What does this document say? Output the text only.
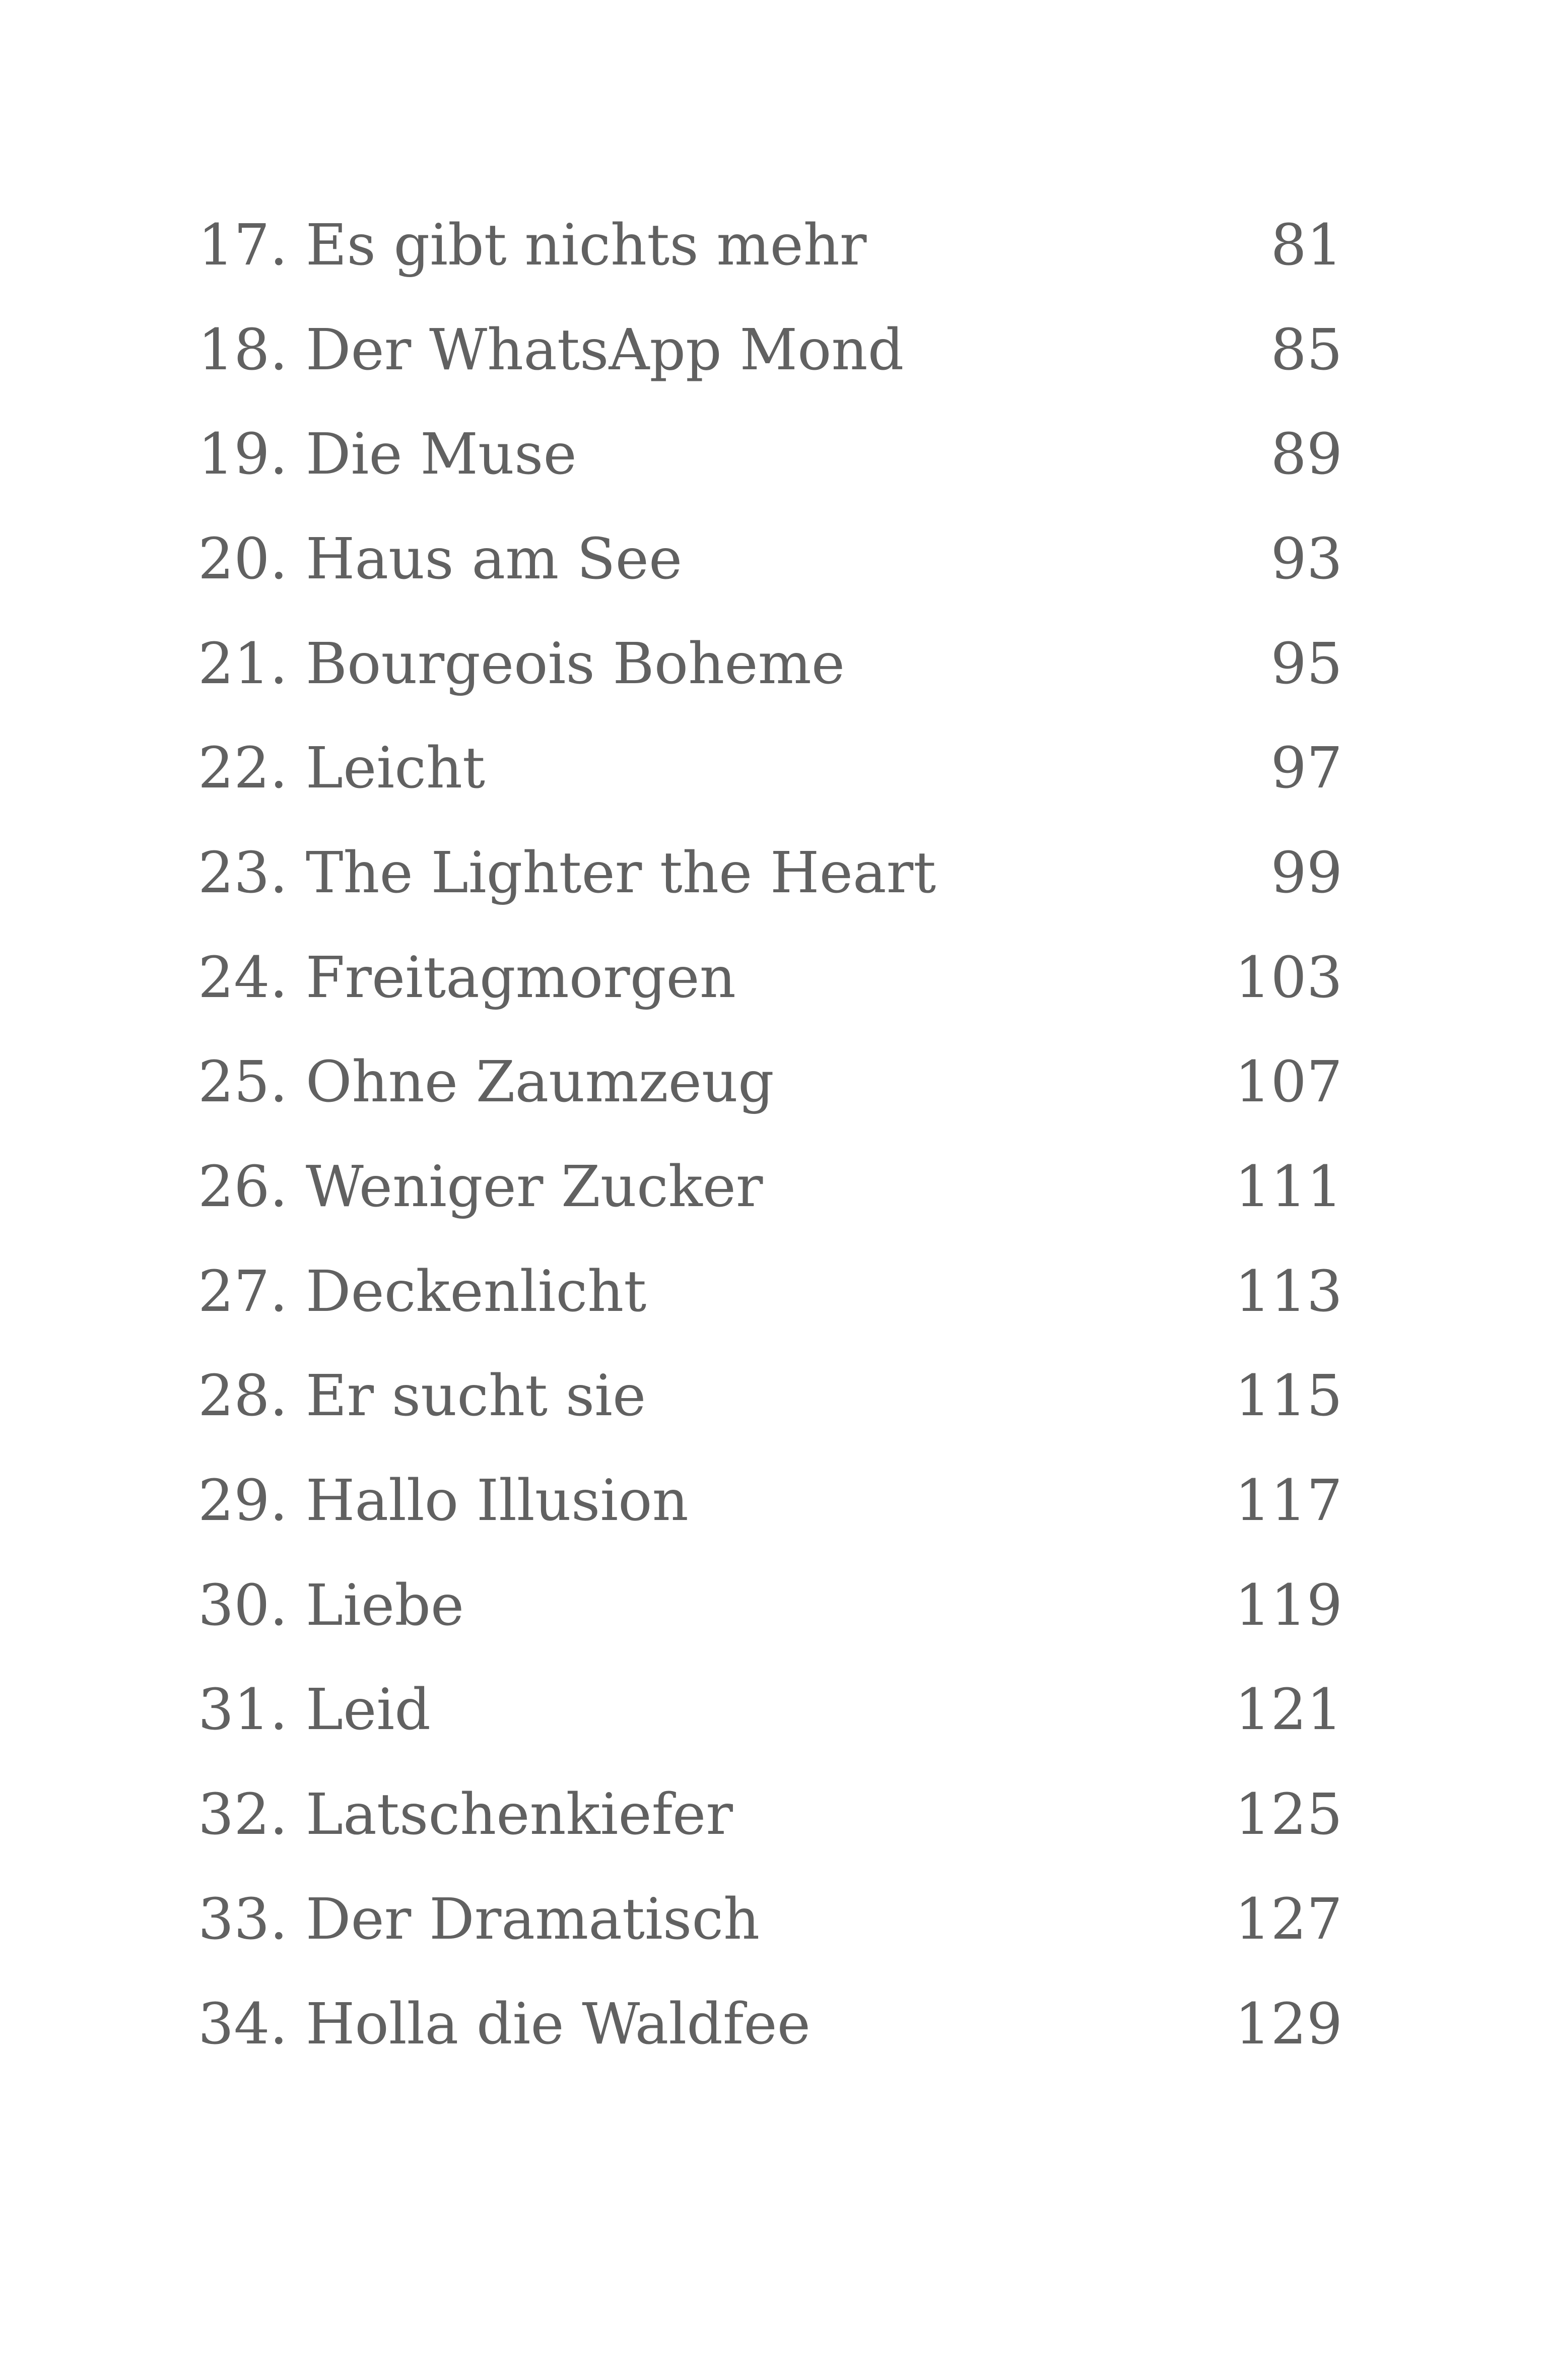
17. Es gibt nichts mehr	81
18. Der WhatsApp Mond	85
19. Die Muse	89
20. Haus am See	93
21. Bourgeois Boheme	95
22. Leicht	97
23. The Lighter the Heart	99
24. Freitagmorgen	103
25. Ohne Zaumzeug	107
26. Weniger Zucker	111
27. Deckenlicht	113
28. Er sucht sie	115
29. Hallo Illusion	117
30. Liebe	119
31. Leid	121
32. Latschenkiefer	125
33. Der Dramatisch	127
34. Holla die Waldfee	129
